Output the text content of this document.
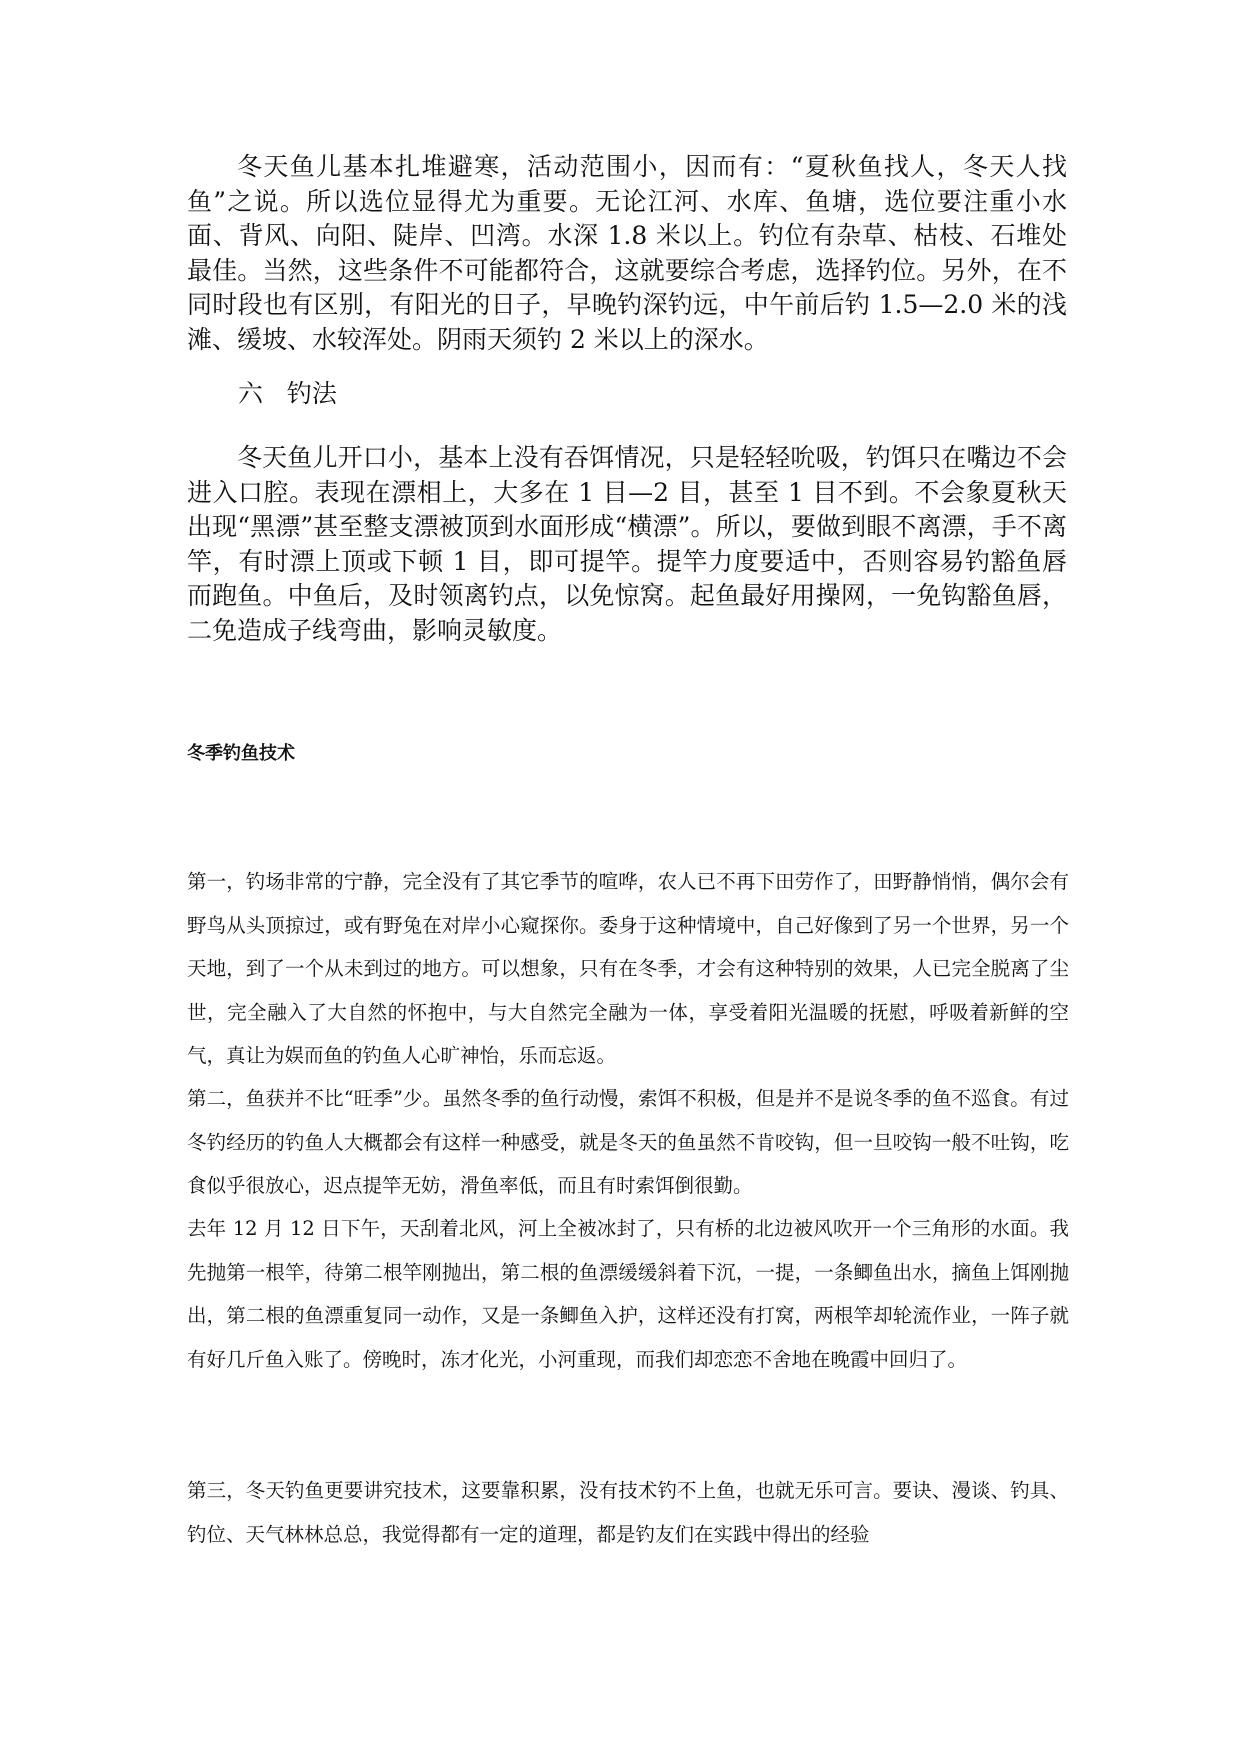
冬天鱼儿基本扎堆避寒，活动范围小，因而有：“夏秋鱼找人，冬天人找鱼”之说。所以选位显得尤为重要。无论江河、水库、鱼塘，选位要注重小水面、背风、向阳、陡岸、凹湾。水深 1.8 米以上。钓位有杂草、枯枝、石堆处最佳。当然，这些条件不可能都符合，这就要综合考虑，选择钓位。另外，在不同时段也有区别，有阳光的日子，早晚钓深钓远，中午前后钓 1.5—2.0 米的浅滩、缓坡、水较浑处。阴雨天须钓 2 米以上的深水。

六   钓法

冬天鱼儿开口小，基本上没有吞饵情况，只是轻轻吮吸，钓饵只在嘴边不会进入口腔。表现在漂相上，大多在 1 目—2 目，甚至 1 目不到。不会象夏秋天出现“黑漂”甚至整支漂被顶到水面形成“横漂”。所以，要做到眼不离漂，手不离竿，有时漂上顶或下顿 1 目，即可提竿。提竿力度要适中，否则容易钓豁鱼唇而跑鱼。中鱼后，及时领离钓点，以免惊窝。起鱼最好用操网，一免钩豁鱼唇，二免造成子线弯曲，影响灵敏度。

冬季钓鱼技术

第一，钓场非常的宁静，完全没有了其它季节的喧哗，农人已不再下田劳作了，田野静悄悄，偶尔会有野鸟从头顶掠过，或有野兔在对岸小心窥探你。委身于这种情境中，自己好像到了另一个世界，另一个天地，到了一个从未到过的地方。可以想象，只有在冬季，才会有这种特别的效果，人已完全脱离了尘世，完全融入了大自然的怀抱中，与大自然完全融为一体，享受着阳光温暖的抚慰，呼吸着新鲜的空气，真让为娱而鱼的钓鱼人心旷神怡，乐而忘返。

第二，鱼获并不比“旺季”少。虽然冬季的鱼行动慢，索饵不积极，但是并不是说冬季的鱼不巡食。有过冬钓经历的钓鱼人大概都会有这样一种感受，就是冬天的鱼虽然不肯咬钩，但一旦咬钩一般不吐钩，吃食似乎很放心，迟点提竿无妨，滑鱼率低，而且有时索饵倒很勤。

去年 12 月 12 日下午，天刮着北风，河上全被冰封了，只有桥的北边被风吹开一个三角形的水面。我先抛第一根竿，待第二根竿刚抛出，第二根的鱼漂缓缓斜着下沉，一提，一条鲫鱼出水，摘鱼上饵刚抛出，第二根的鱼漂重复同一动作，又是一条鲫鱼入护，这样还没有打窝，两根竿却轮流作业，一阵子就有好几斤鱼入账了。傍晚时，冻才化光，小河重现，而我们却恋恋不舍地在晚霞中回归了。

第三，冬天钓鱼更要讲究技术，这要靠积累，没有技术钓不上鱼，也就无乐可言。要诀、漫谈、钓具、钓位、天气林林总总，我觉得都有一定的道理，都是钓友们在实践中得出的经验
